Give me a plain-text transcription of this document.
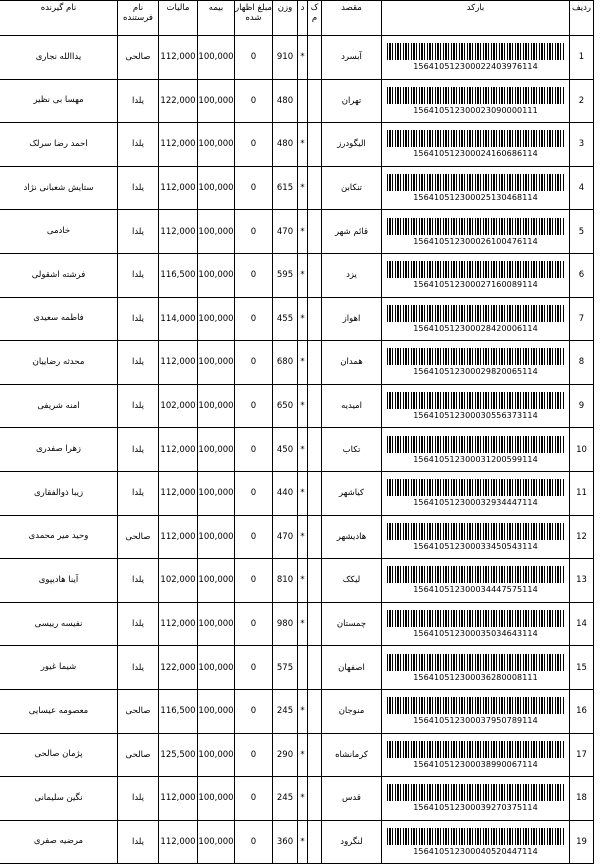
ردیف	بارکد	مقصد	ک م	د	وزن	مبلغ اظهار شده	بیمه	مالیات	نام فرستنده	نام گیرنده
1	156410512300022403976114	آبسرد		*	910	0	100,000	112,000	صالحی	یداالله نجاری
2	156410512300023090000111	تهران			480	0	100,000	122,000	یلدا	مهسا بی نظیر
3	156410512300024160686114	الیگودرز		*	480	0	100,000	112,000	یلدا	احمد رضا سرلک
4	156410512300025130468114	تنکابن		*	615	0	100,000	112,000	یلدا	ستایش شعبانی نژاد
5	156410512300026100476114	قائم شهر		*	470	0	100,000	112,000	یلدا	خادمی
6	156410512300027160089114	یزد		*	595	0	100,000	116,500	یلدا	فرشته اشقولی
7	156410512300028420006114	اهواز		*	455	0	100,000	114,000	یلدا	فاطمه سعیدی
8	156410512300029820065114	همدان		*	680	0	100,000	112,000	یلدا	محدثه رضاییان
9	156410512300030556373114	امیدیه		*	650	0	100,000	102,000	یلدا	امنه شریفی
10	156410512300031200599114	تکاب		*	450	0	100,000	112,000	یلدا	زهرا صفدری
11	156410512300032934447114	کیاشهر		*	440	0	100,000	112,000	یلدا	زیبا ذوالفقاری
12	156410512300033450543114	هادیشهر		*	470	0	100,000	112,000	صالحی	وحید میر محمدی
13	156410512300034447575114	لیکک		*	810	0	100,000	102,000	یلدا	آینا هادیپوی
14	156410512300035034643114	چمستان		*	980	0	100,000	112,000	یلدا	نفیسه رییسی
15	156410512300036280008111	اصفهان			575	0	100,000	122,000	یلدا	شیما غیور
16	156410512300037950789114	منوجان		*	245	0	100,000	116,500	صالحی	معصومه عیسایی
17	156410512300038990067114	کرمانشاه		*	290	0	100,000	125,500	صالحی	پژمان صالحی
18	156410512300039270375114	قدس		*	245	0	100,000	112,000	یلدا	نگین سلیمانی
19	156410512300040520447114	لنگرود		*	360	0	100,000	112,000	یلدا	مرضیه صفری
